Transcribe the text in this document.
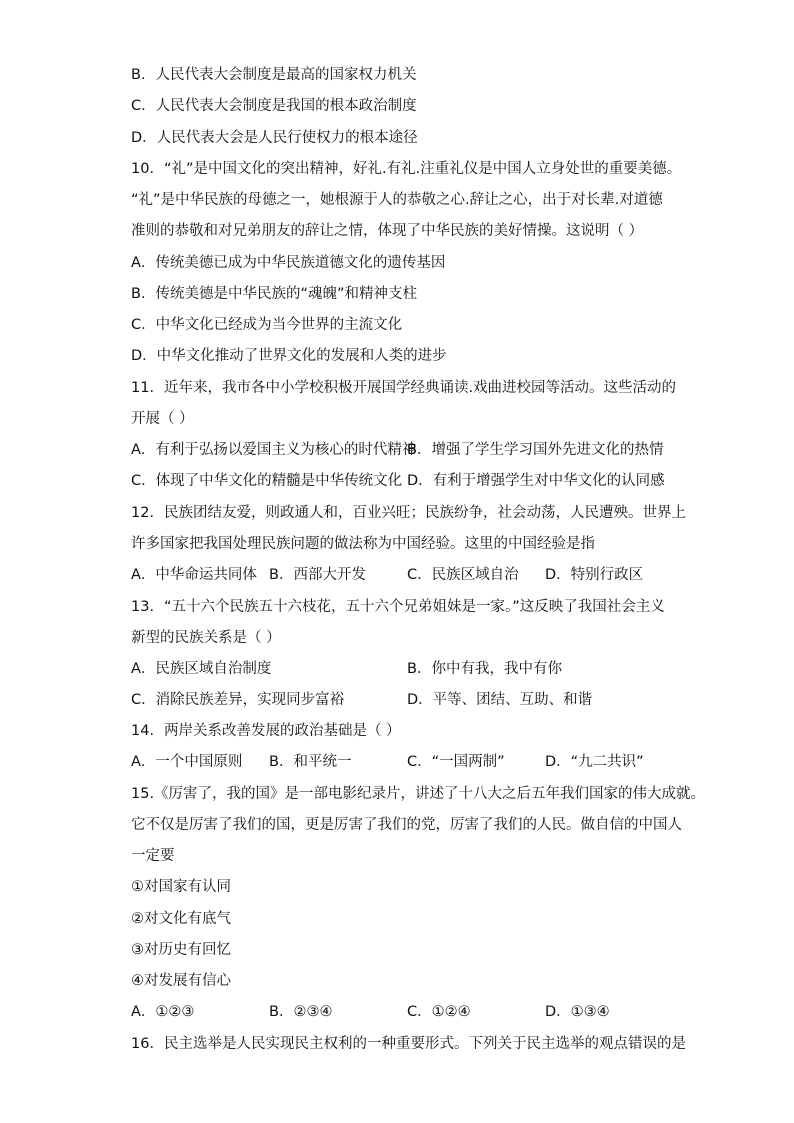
B．人民代表大会制度是最高的国家权力机关
C．人民代表大会制度是我国的根本政治制度
D．人民代表大会是人民行使权力的根本途径
10．“礼”是中国文化的突出精神，好礼.有礼.注重礼仪是中国人立身处世的重要美德。
“礼”是中华民族的母德之一，她根源于人的恭敬之心.辞让之心，出于对长辈.对道德
准则的恭敬和对兄弟朋友的辞让之情，体现了中华民族的美好情操。这说明（ ）
A．传统美德已成为中华民族道德文化的遗传基因
B．传统美德是中华民族的“魂魄”和精神支柱
C．中华文化已经成为当今世界的主流文化
D．中华文化推动了世界文化的发展和人类的进步
11．近年来，我市各中小学校积极开展国学经典诵读.戏曲进校园等活动。这些活动的
开展（ ）
A．有利于弘扬以爱国主义为核心的时代精神
B．增强了学生学习国外先进文化的热情
C．体现了中华文化的精髓是中华传统文化 D．有利于增强学生对中华文化的认同感
12．民族团结友爱，则政通人和，百业兴旺；民族纷争，社会动荡，人民遭殃。世界上
许多国家把我国处理民族问题的做法称为中国经验。这里的中国经验是指
A．中华命运共同体 B．西部大开发	C．民族区域自治 D．特别行政区
13．“五十六个民族五十六枝花，五十六个兄弟姐妹是一家。”这反映了我国社会主义
新型的民族关系是（ ）
A．民族区域自治制度	B．你中有我，我中有你
C．消除民族差异，实现同步富裕	D．平等、团结、互助、和谐
14．两岸关系改善发展的政治基础是（ ）
A．一个中国原则 B．和平统一	C．“一国两制”	D．“九二共识”
15.《厉害了，我的国》是一部电影纪录片，讲述了十八大之后五年我们国家的伟大成就。
它不仅是厉害了我们的国，更是厉害了我们的党，厉害了我们的人民。做自信的中国人
一定要
①对国家有认同
②对文化有底气
③对历史有回忆
④对发展有信心
A．①②③	B．②③④	C．①②④	D．①③④
16．民主选举是人民实现民主权利的一种重要形式。下列关于民主选举的观点错误的是
